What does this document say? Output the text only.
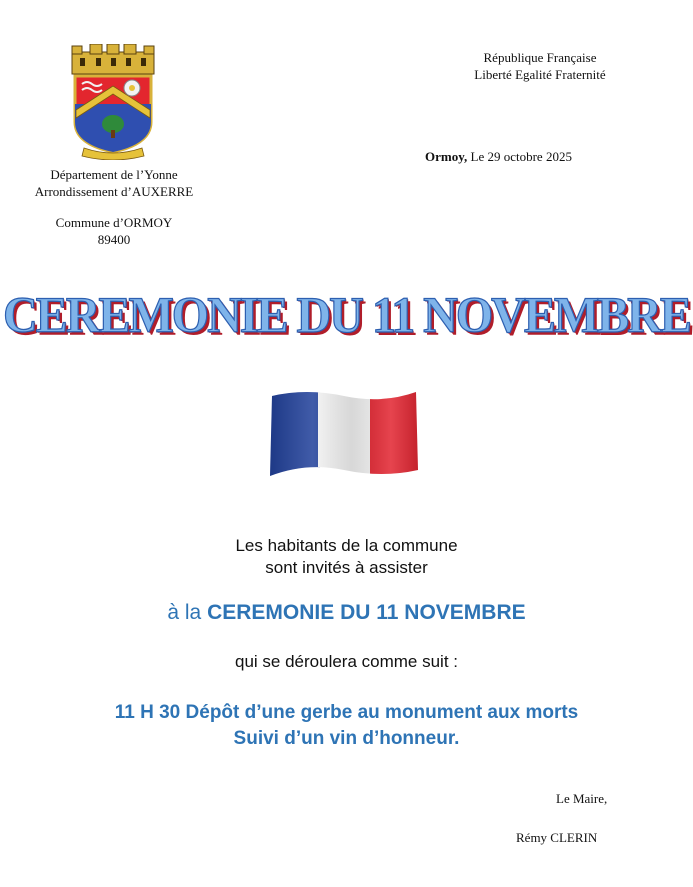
Département de l’Yonne
Arrondissement d’AUXERRE
Commune d’ORMOY
89400
République Française
Liberté Egalité Fraternité
Ormoy, Le 29 octobre 2025
CEREMONIE DU 11 NOVEMBRE
Les habitants de la commune
sont invités à assister
à la CEREMONIE DU 11 NOVEMBRE
qui se déroulera comme suit :
11 H 30 Dépôt d’une gerbe au monument aux morts
Suivi d’un vin d’honneur.
Le Maire,
Rémy CLERIN
